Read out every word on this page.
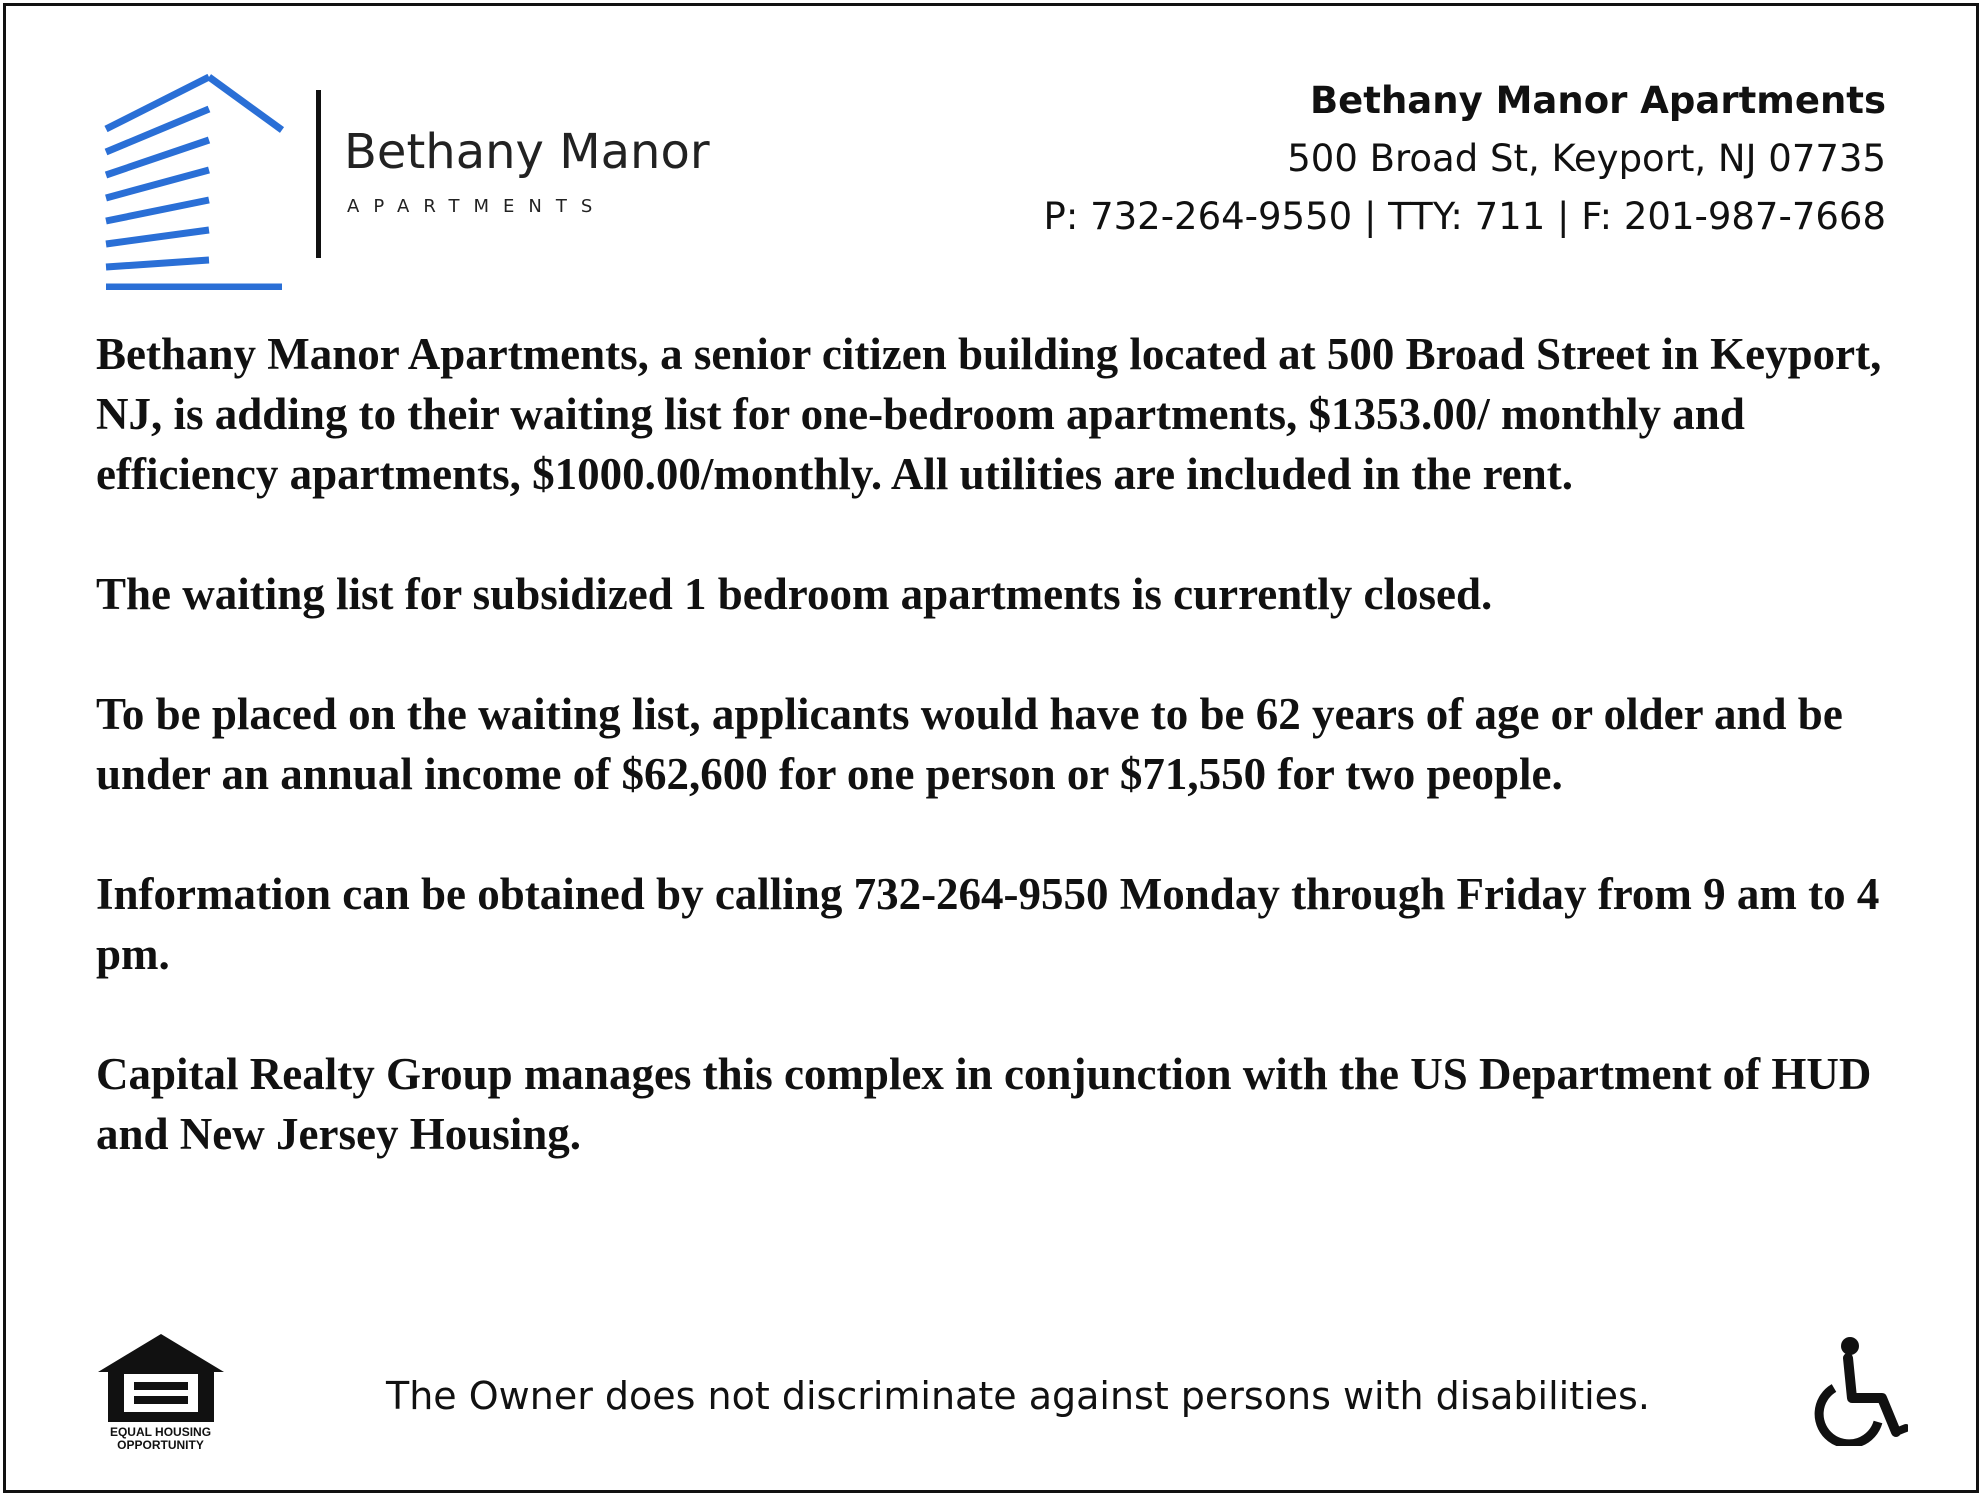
Bethany Manor
APARTMENTS
Bethany Manor Apartments
500 Broad St, Keyport, NJ 07735
P: 732-264-9550 | TTY: 711 | F: 201-987-7668

Bethany Manor Apartments, a senior citizen building located at 500 Broad Street in Keyport, NJ, is adding to their waiting list for one-bedroom apartments, $1353.00/ monthly and efficiency apartments, $1000.00/monthly. All utilities are included in the rent.

The waiting list for subsidized 1 bedroom apartments is currently closed.

To be placed on the waiting list, applicants would have to be 62 years of age or older and be under an annual income of $62,600 for one person or $71,550 for two people.

Information can be obtained by calling 732-264-9550 Monday through Friday from 9 am to 4 pm.

Capital Realty Group manages this complex in conjunction with the US Department of HUD and New Jersey Housing.

EQUAL HOUSING OPPORTUNITY
The Owner does not discriminate against persons with disabilities.
